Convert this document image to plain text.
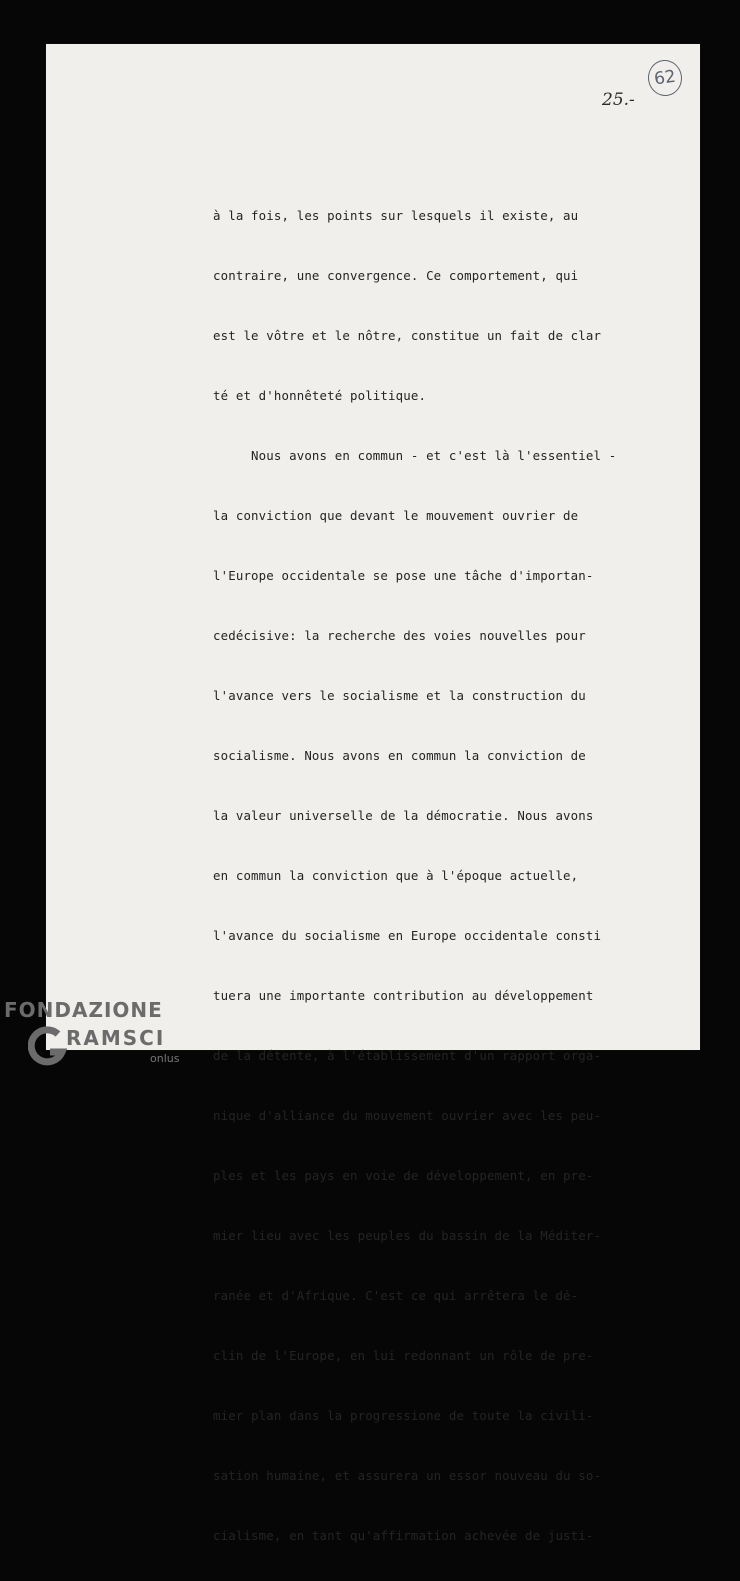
25.-
62

à la fois, les points sur lesquels il existe, au

contraire, une convergence. Ce comportement, qui

est le vôtre et le nôtre, constitue un fait de clar

té et d'honnêteté politique.

Nous avons en commun - et c'est là l'essentiel -

la conviction que devant le mouvement ouvrier de

l'Europe occidentale se pose une tâche d'importan-

cedécisive: la recherche des voies nouvelles pour

l'avance vers le socialisme et la construction du

socialisme. Nous avons en commun la conviction de

la valeur universelle de la démocratie. Nous avons

en commun la conviction que à l'époque actuelle,

l'avance du socialisme en Europe occidentale consti

tuera une importante contribution au développement

de la détente, à l'établissement d'un rapport orga-

nique d'alliance du mouvement ouvrier avec les peu-

ples et les pays en voie de développement, en pre-

mier lieu avec les peuples du bassin de la Méditer-

ranée et d'Afrique. C'est ce qui arrêtera le dé-

clin de l'Europe, en lui redonnant un rôle de pre-

mier plan dans la progressione de toute la civili-

sation humaine, et assurera un essor nouveau du so-

cialisme, en tant qu'affirmation achevée de justi-

FONDAZIONE
RAMSCI
onlus
